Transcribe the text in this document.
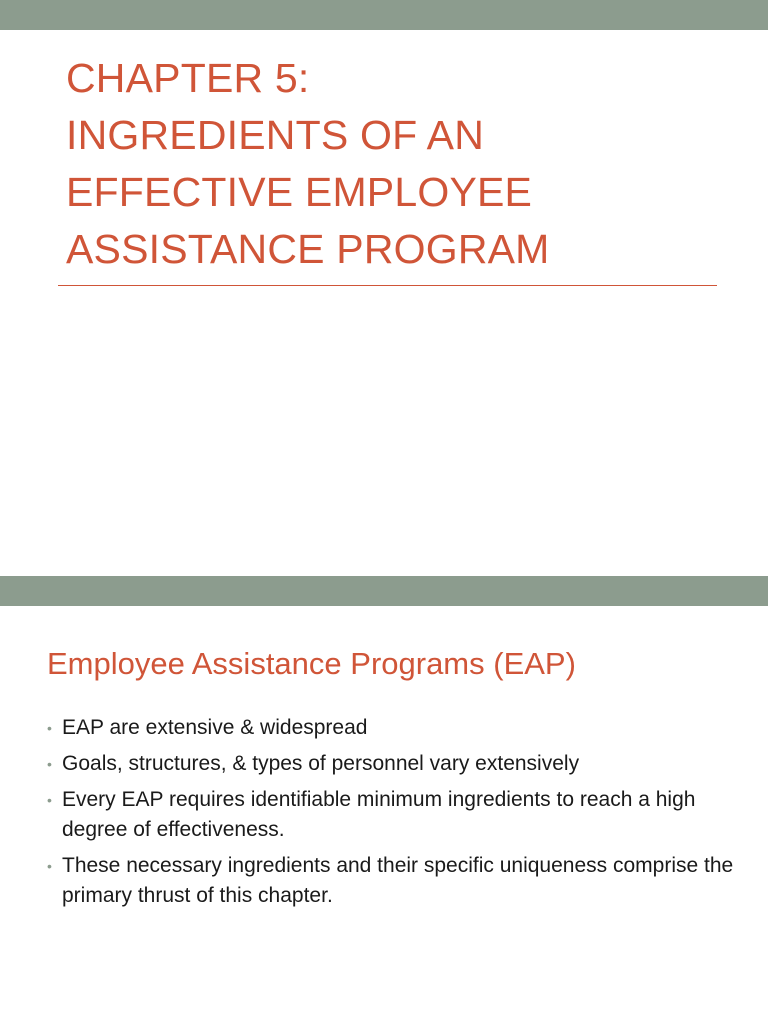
CHAPTER 5:
INGREDIENTS OF AN
EFFECTIVE EMPLOYEE
ASSISTANCE PROGRAM
Employee Assistance Programs (EAP)
• EAP are extensive & widespread
• Goals, structures, & types of personnel vary extensively
• Every EAP requires identifiable minimum ingredients to reach a high degree of effectiveness.
• These necessary ingredients and their specific uniqueness comprise the primary thrust of this chapter.
